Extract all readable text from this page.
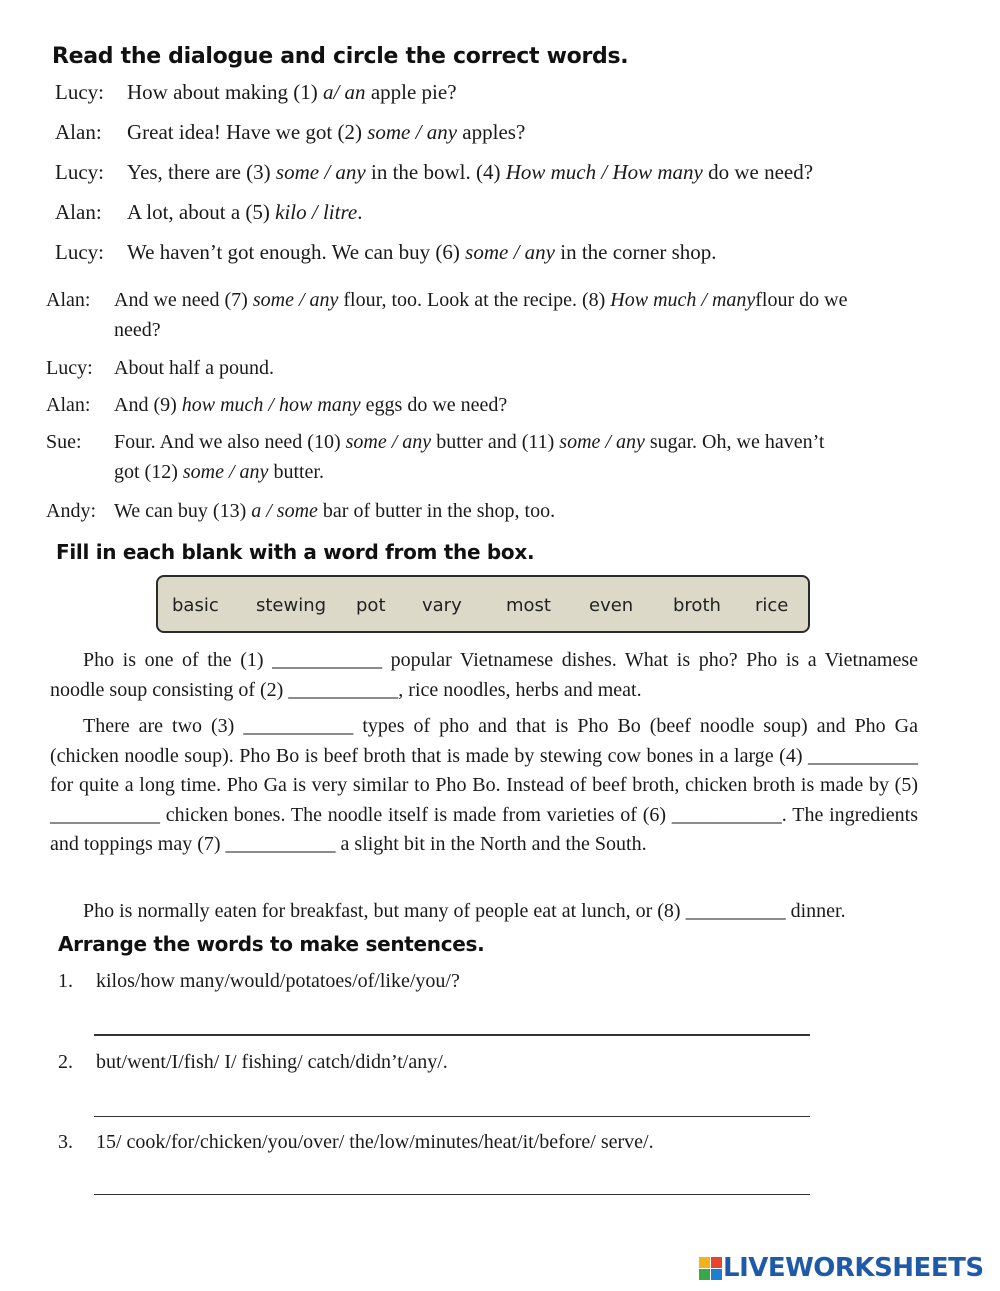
Read the dialogue and circle the correct words.
Lucy: How about making (1) a/ an apple pie?
Alan: Great idea! Have we got (2) some / any apples?
Lucy: Yes, there are (3) some / any in the bowl. (4) How much / How many do we need?
Alan: A lot, about a (5) kilo / litre.
Lucy: We haven’t got enough. We can buy (6) some / any in the corner shop.
Alan: And we need (7) some / any flour, too. Look at the recipe. (8) How much / manyflour do we
need?
Lucy: About half a pound.
Alan: And (9) how much / how many eggs do we need?
Sue: Four. And we also need (10) some / any butter and (11) some / any sugar. Oh, we haven’t
got (12) some / any butter.
Andy: We can buy (13) a / some bar of butter in the shop, too.
Fill in each blank with a word from the box.
basic stewing pot vary most even broth rice
Pho is one of the (1) ___________ popular Vietnamese dishes. What is pho? Pho is a Vietnamese noodle soup consisting of (2) ___________, rice noodles, herbs and meat.
There are two (3) ___________ types of pho and that is Pho Bo (beef noodle soup) and Pho Ga (chicken noodle soup). Pho Bo is beef broth that is made by stewing cow bones in a large (4) ___________ for quite a long time. Pho Ga is very similar to Pho Bo. Instead of beef broth, chicken broth is made by (5) ___________ chicken bones. The noodle itself is made from varieties of (6) ___________. The ingredients and toppings may (7) ___________ a slight bit in the North and the South.
Pho is normally eaten for breakfast, but many of people eat at lunch, or (8) __________ dinner.
Arrange the words to make sentences.
1. kilos/how many/would/potatoes/of/like/you/?
2. but/went/I/fish/ I/ fishing/ catch/didn’t/any/.
3. 15/ cook/for/chicken/you/over/ the/low/minutes/heat/it/before/ serve/.
LIVEWORKSHEETS
